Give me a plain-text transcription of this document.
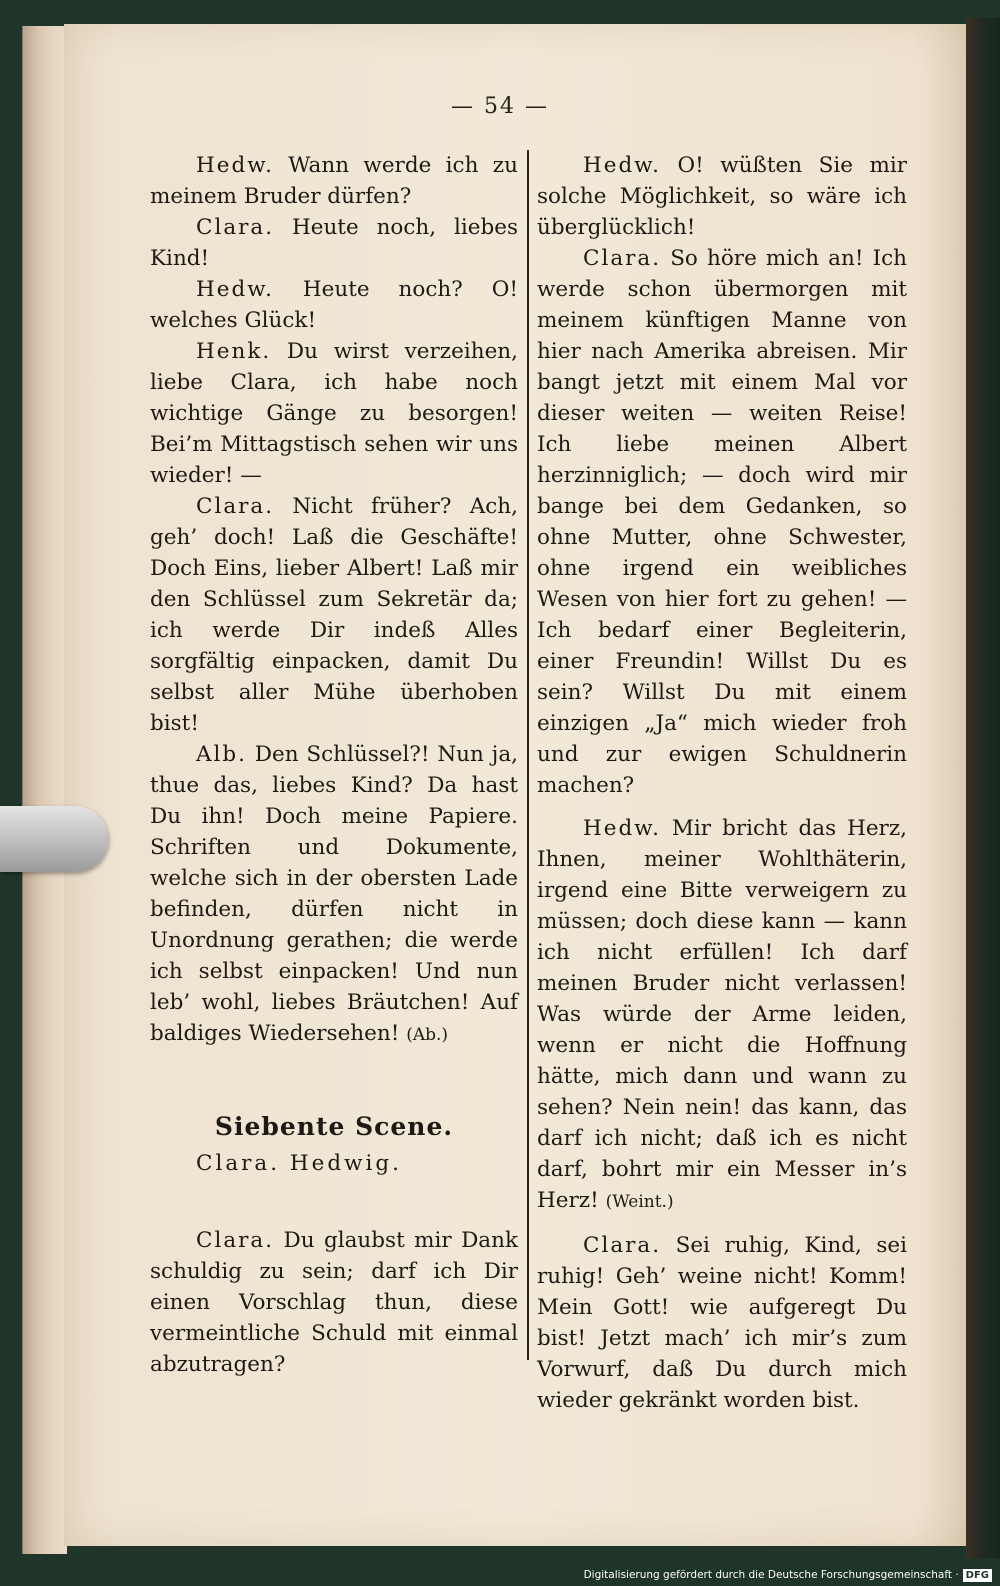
— 54 —

Hedw. Wann werde ich zu meinem Bruder dürfen?

Clara. Heute noch, liebes Kind!

Hedw. Heute noch? O! welches Glück!

Henk. Du wirst verzeihen, liebe Clara, ich habe noch wichtige Gänge zu besorgen! Bei’m Mittagstisch sehen wir uns wieder! —

Clara. Nicht früher? Ach, geh’ doch! Laß die Geschäfte! Doch Eins, lieber Albert! Laß mir den Schlüssel zum Sekretär da; ich werde Dir indeß Alles sorgfältig einpacken, damit Du selbst aller Mühe überhoben bist!

Alb. Den Schlüssel?! Nun ja, thue das, liebes Kind? Da hast Du ihn! Doch meine Papiere. Schriften und Dokumente, welche sich in der obersten Lade befinden, dürfen nicht in Unordnung gerathen; die werde ich selbst einpacken! Und nun leb’ wohl, liebes Bräutchen! Auf baldiges Wiedersehen! (Ab.)

Siebente Scene.
Clara. Hedwig.

Clara. Du glaubst mir Dank schuldig zu sein; darf ich Dir einen Vorschlag thun, diese vermeintliche Schuld mit einmal abzutragen?

Hedw. O! wüßten Sie mir solche Möglichkeit, so wäre ich überglücklich!

Clara. So höre mich an! Ich werde schon übermorgen mit meinem künftigen Manne von hier nach Amerika abreisen. Mir bangt jetzt mit einem Mal vor dieser weiten — weiten Reise! Ich liebe meinen Albert herzinniglich; — doch wird mir bange bei dem Gedanken, so ohne Mutter, ohne Schwester, ohne irgend ein weibliches Wesen von hier fort zu gehen! — Ich bedarf einer Begleiterin, einer Freundin! Willst Du es sein? Willst Du mit einem einzigen „Ja“ mich wieder froh und zur ewigen Schuldnerin machen?

Hedw. Mir bricht das Herz, Ihnen, meiner Wohlthäterin, irgend eine Bitte verweigern zu müssen; doch diese kann — kann ich nicht erfüllen! Ich darf meinen Bruder nicht verlassen! Was würde der Arme leiden, wenn er nicht die Hoffnung hätte, mich dann und wann zu sehen? Nein nein! das kann, das darf ich nicht; daß ich es nicht darf, bohrt mir ein Messer in’s Herz! (Weint.)

Clara. Sei ruhig, Kind, sei ruhig! Geh’ weine nicht! Komm! Mein Gott! wie aufgeregt Du bist! Jetzt mach’ ich mir’s zum Vorwurf, daß Du durch mich wieder gekränkt worden bist.

Digitalisierung gefördert durch die Deutsche Forschungsgemeinschaft · DFG
